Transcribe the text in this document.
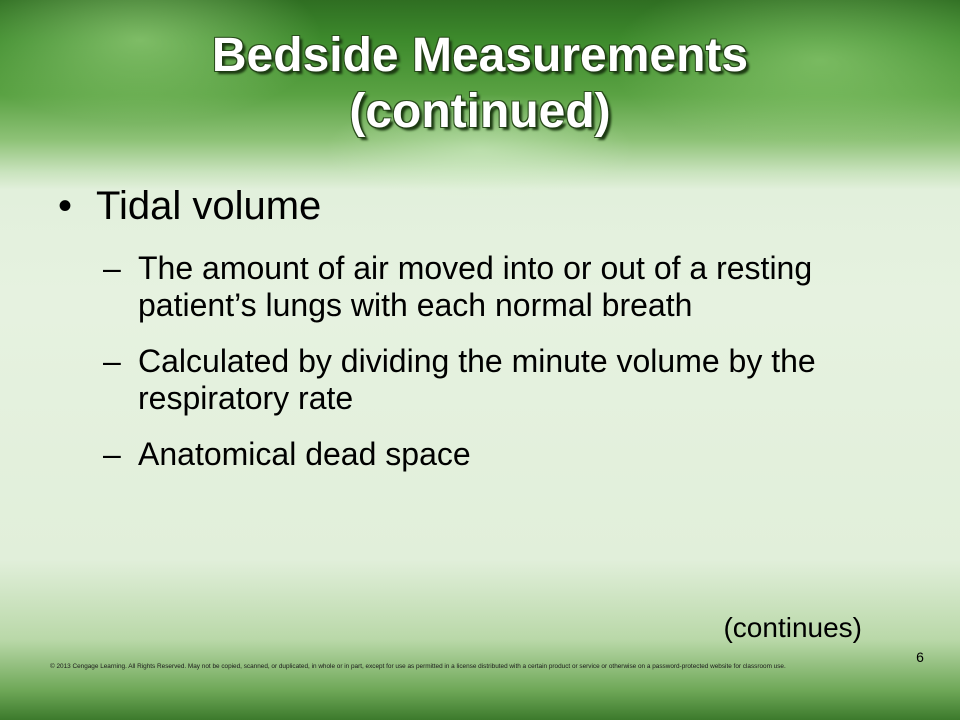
Bedside Measurements
(continued)
• Tidal volume
– The amount of air moved into or out of a resting patient’s lungs with each normal breath
– Calculated by dividing the minute volume by the respiratory rate
– Anatomical dead space
(continues)
6
© 2013 Cengage Learning. All Rights Reserved. May not be copied, scanned, or duplicated, in whole or in part, except for use as permitted in a license distributed with a certain product or service or otherwise on a password-protected website for classroom use.
